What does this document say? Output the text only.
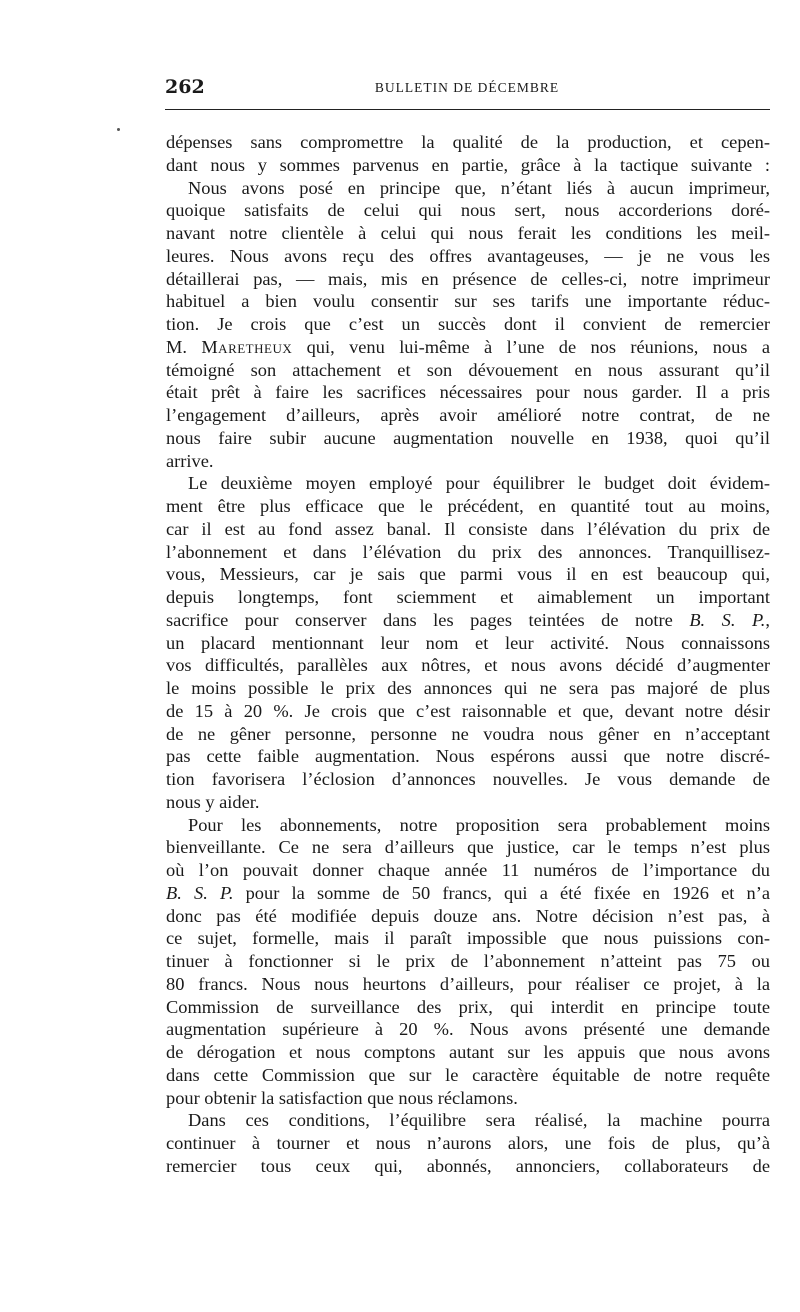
262	BULLETIN DE DÉCEMBRE
dépenses sans compromettre la qualité de la production, et cepen-
dant nous y sommes parvenus en partie, grâce à la tactique suivante :
Nous avons posé en principe que, n’étant liés à aucun imprimeur,
quoique satisfaits de celui qui nous sert, nous accorderions doré-
navant notre clientèle à celui qui nous ferait les conditions les meil-
leures. Nous avons reçu des offres avantageuses, — je ne vous les
détaillerai pas, — mais, mis en présence de celles-ci, notre imprimeur
habituel a bien voulu consentir sur ses tarifs une importante réduc-
tion. Je crois que c’est un succès dont il convient de remercier
M. Maretheux qui, venu lui-même à l’une de nos réunions, nous a
témoigné son attachement et son dévouement en nous assurant qu’il
était prêt à faire les sacrifices nécessaires pour nous garder. Il a pris
l’engagement d’ailleurs, après avoir amélioré notre contrat, de ne
nous faire subir aucune augmentation nouvelle en 1938, quoi qu’il
arrive.
Le deuxième moyen employé pour équilibrer le budget doit évidem-
ment être plus efficace que le précédent, en quantité tout au moins,
car il est au fond assez banal. Il consiste dans l’élévation du prix de
l’abonnement et dans l’élévation du prix des annonces. Tranquillisez-
vous, Messieurs, car je sais que parmi vous il en est beaucoup qui,
depuis longtemps, font sciemment et aimablement un important
sacrifice pour conserver dans les pages teintées de notre B. S. P.,
un placard mentionnant leur nom et leur activité. Nous connaissons
vos difficultés, parallèles aux nôtres, et nous avons décidé d’augmenter
le moins possible le prix des annonces qui ne sera pas majoré de plus
de 15 à 20 %. Je crois que c’est raisonnable et que, devant notre désir
de ne gêner personne, personne ne voudra nous gêner en n’acceptant
pas cette faible augmentation. Nous espérons aussi que notre discré-
tion favorisera l’éclosion d’annonces nouvelles. Je vous demande de
nous y aider.
Pour les abonnements, notre proposition sera probablement moins
bienveillante. Ce ne sera d’ailleurs que justice, car le temps n’est plus
où l’on pouvait donner chaque année 11 numéros de l’importance du
B. S. P. pour la somme de 50 francs, qui a été fixée en 1926 et n’a
donc pas été modifiée depuis douze ans. Notre décision n’est pas, à
ce sujet, formelle, mais il paraît impossible que nous puissions con-
tinuer à fonctionner si le prix de l’abonnement n’atteint pas 75 ou
80 francs. Nous nous heurtons d’ailleurs, pour réaliser ce projet, à la
Commission de surveillance des prix, qui interdit en principe toute
augmentation supérieure à 20 %. Nous avons présenté une demande
de dérogation et nous comptons autant sur les appuis que nous avons
dans cette Commission que sur le caractère équitable de notre requête
pour obtenir la satisfaction que nous réclamons.
Dans ces conditions, l’équilibre sera réalisé, la machine pourra
continuer à tourner et nous n’aurons alors, une fois de plus, qu’à
remercier tous ceux qui, abonnés, annonciers, collaborateurs de
